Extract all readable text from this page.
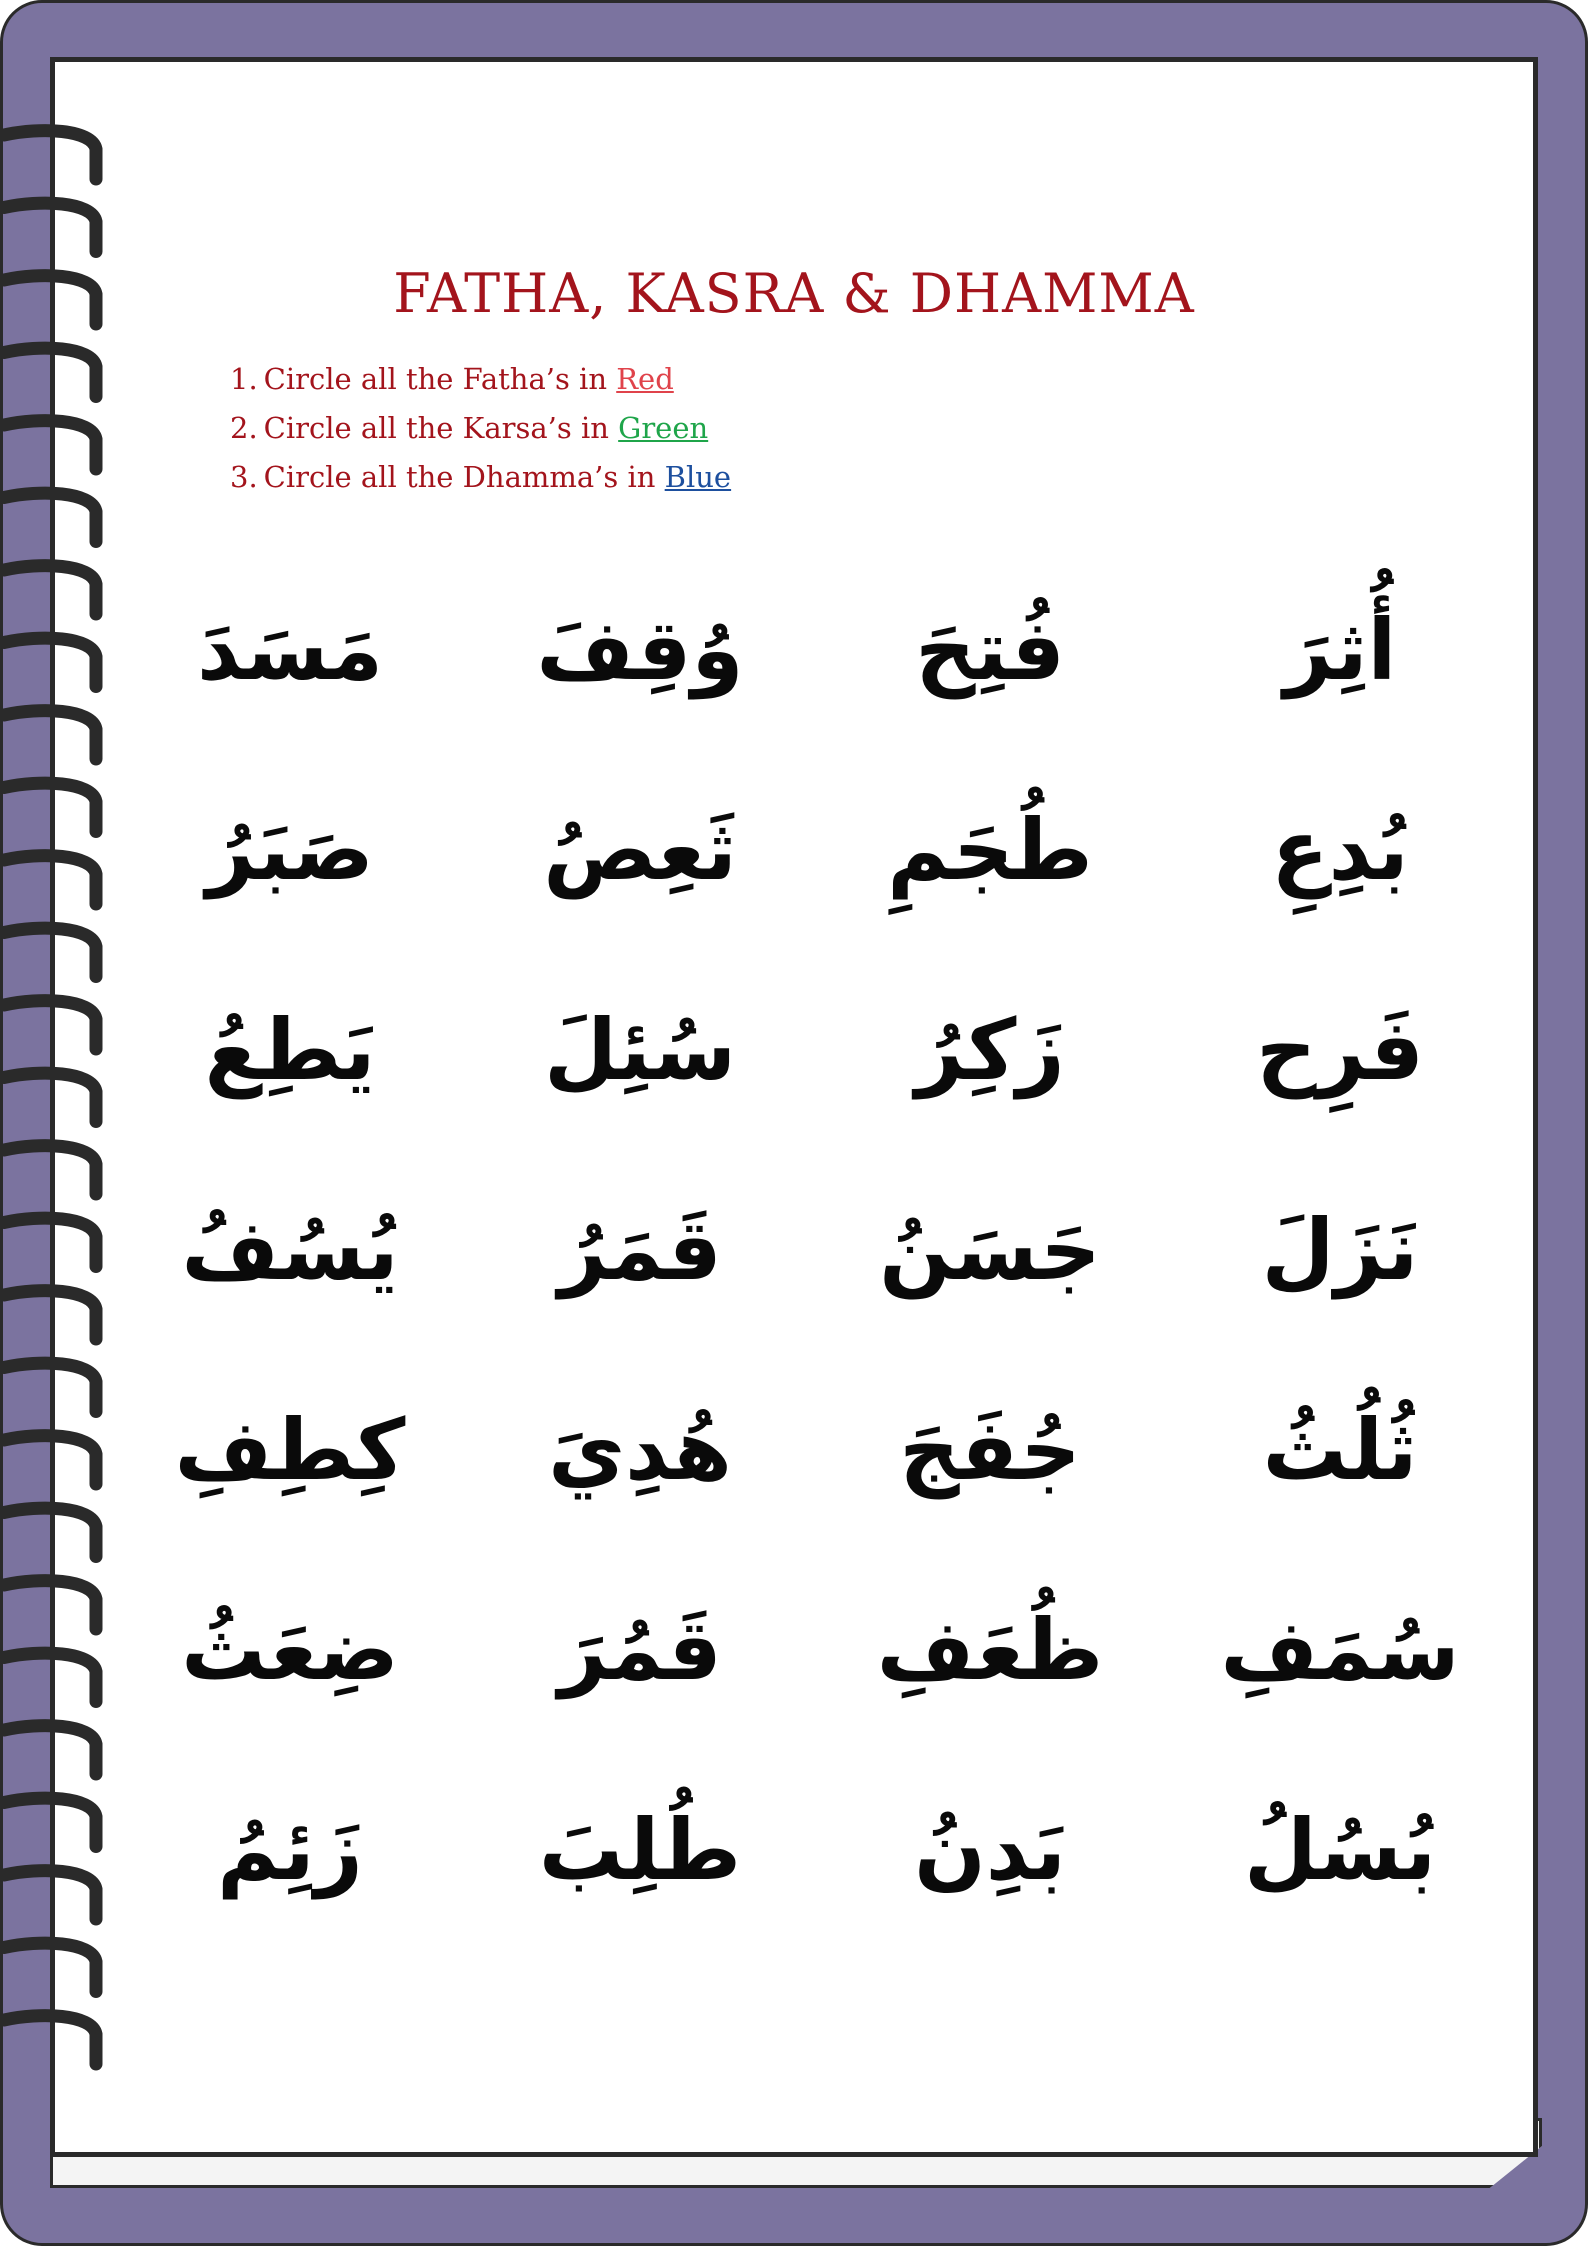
FATHA, KASRA & DHAMMA
1. Circle all the Fatha’s in Red
2. Circle all the Karsa’s in Green
3. Circle all the Dhamma’s in Blue
أُثِرَ
فُتِحَ
وُقِفَ
مَسَدَ
بُدِعِ
طُجَمِ
ثَعِصُ
صَبَرُ
فَرِح
زَكِرُ
سُئِلَ
يَطِعُ
نَزَلَ
جَسَنُ
قَمَرُ
يُسُفُ
ثُلُثُ
جُفَجَ
هُدِيَ
كِطِفِ
سُمَفِ
ظُعَفِ
قَمُرَ
ضِعَثُ
بُسُلُ
بَدِنُ
طُلِبَ
زَئِمُ
